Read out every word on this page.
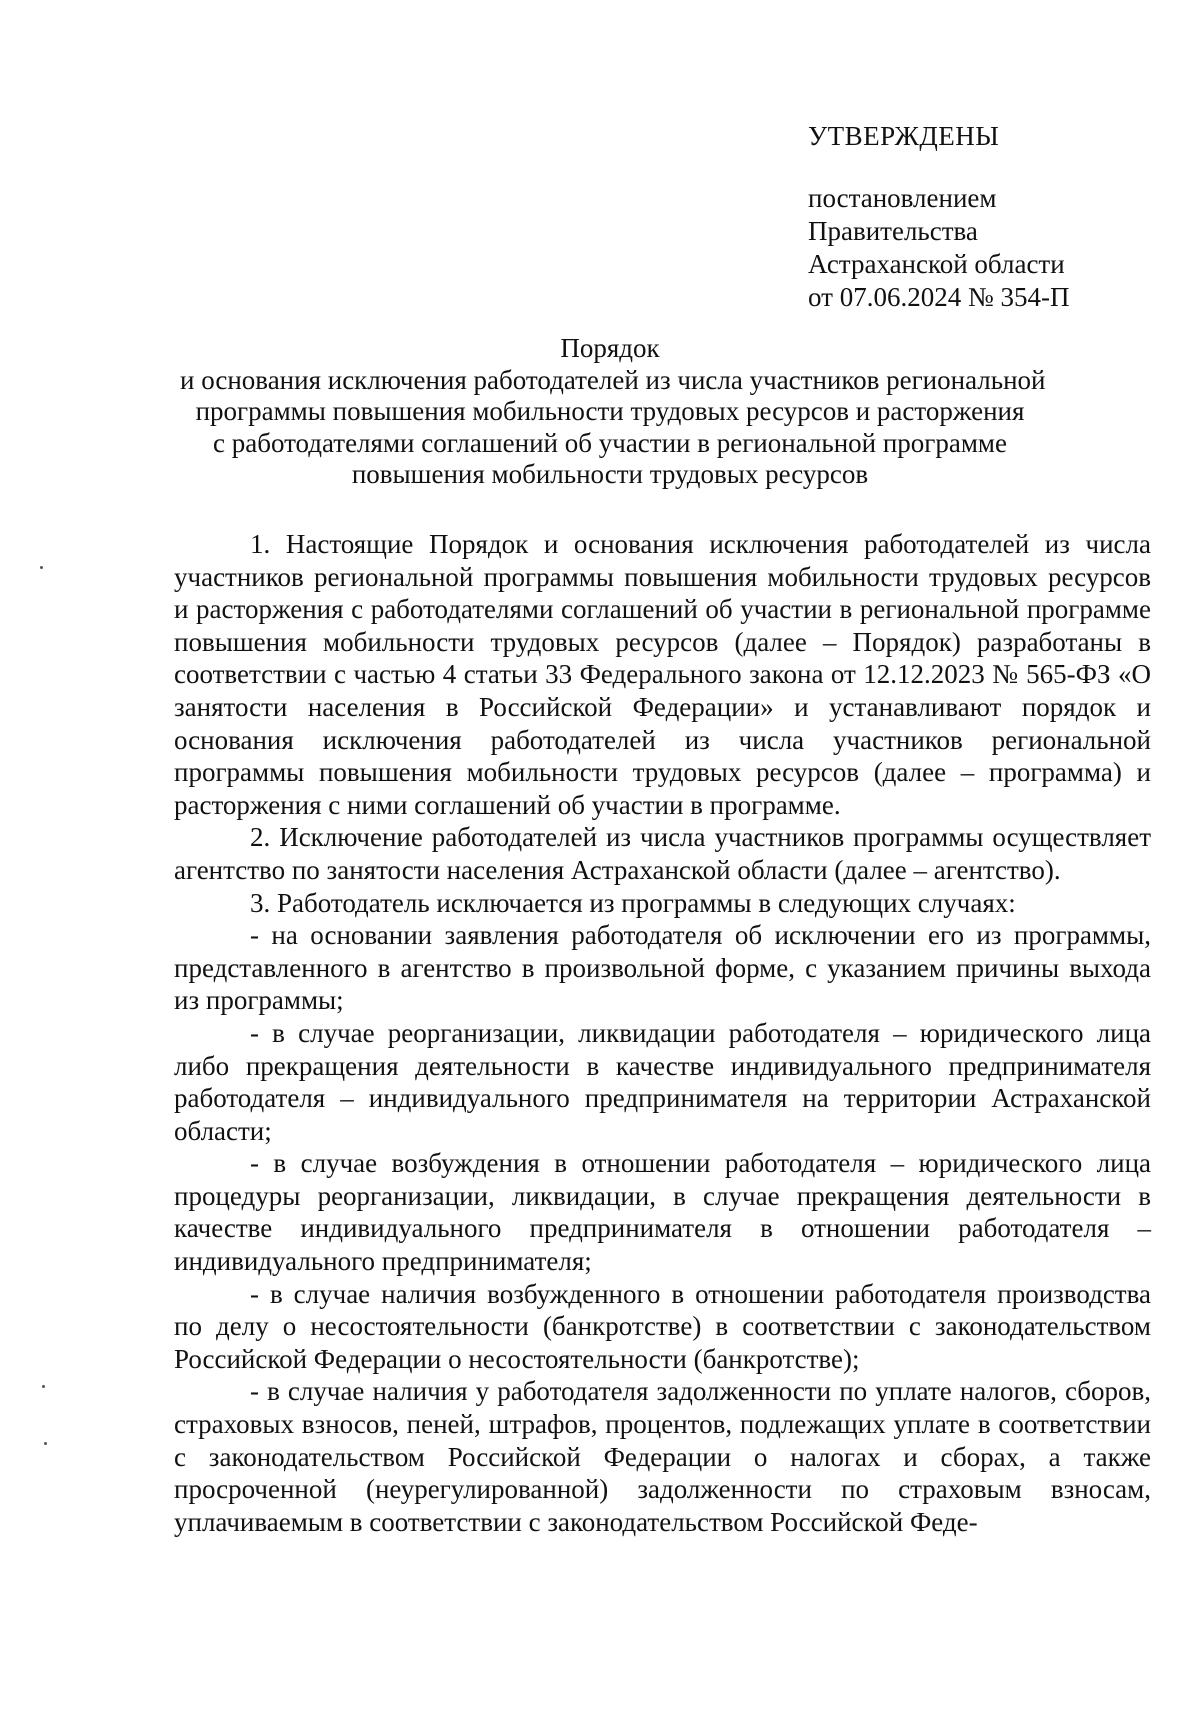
УТВЕРЖДЕНЫ
постановлением
Правительства
Астраханской области
от 07.06.2024 № 354-П
Порядок
и основания исключения работодателей из числа участников региональной
программы повышения мобильности трудовых ресурсов и расторжения
с работодателями соглашений об участии в региональной программе
повышения мобильности трудовых ресурсов

1. Настоящие Порядок и основания исключения работодателей из числа участников региональной программы повышения мобильности трудовых ресурсов и расторжения с работодателями соглашений об участии в региональной программе повышения мобильности трудовых ресурсов (далее – Порядок) разработаны в соответствии с частью 4 статьи 33 Федерального закона от 12.12.2023 № 565-ФЗ «О занятости населения в Российской Федерации» и устанавливают порядок и основания исключения работодателей из числа участников региональной программы повышения мобильности трудовых ресурсов (далее – программа) и расторжения с ними соглашений об участии в программе.

2. Исключение работодателей из числа участников программы осуществляет агентство по занятости населения Астраханской области (далее – агентство).

3. Работодатель исключается из программы в следующих случаях:

- на основании заявления работодателя об исключении его из программы, представленного в агентство в произвольной форме, с указанием причины выхода из программы;

- в случае реорганизации, ликвидации работодателя – юридического лица либо прекращения деятельности в качестве индивидуального предпринимателя работодателя – индивидуального предпринимателя на территории Астраханской области;

- в случае возбуждения в отношении работодателя – юридического лица процедуры реорганизации, ликвидации, в случае прекращения деятельности в качестве индивидуального предпринимателя в отношении работодателя – индивидуального предпринимателя;

- в случае наличия возбужденного в отношении работодателя производства по делу о несостоятельности (банкротстве) в соответствии с законодательством Российской Федерации о несостоятельности (банкротстве);

- в случае наличия у работодателя задолженности по уплате налогов, сборов, страховых взносов, пеней, штрафов, процентов, подлежащих уплате в соответствии с законодательством Российской Федерации о налогах и сборах, а также просроченной (неурегулированной) задолженности по страховым взносам, уплачиваемым в соответствии с законодательством Российской Феде-
